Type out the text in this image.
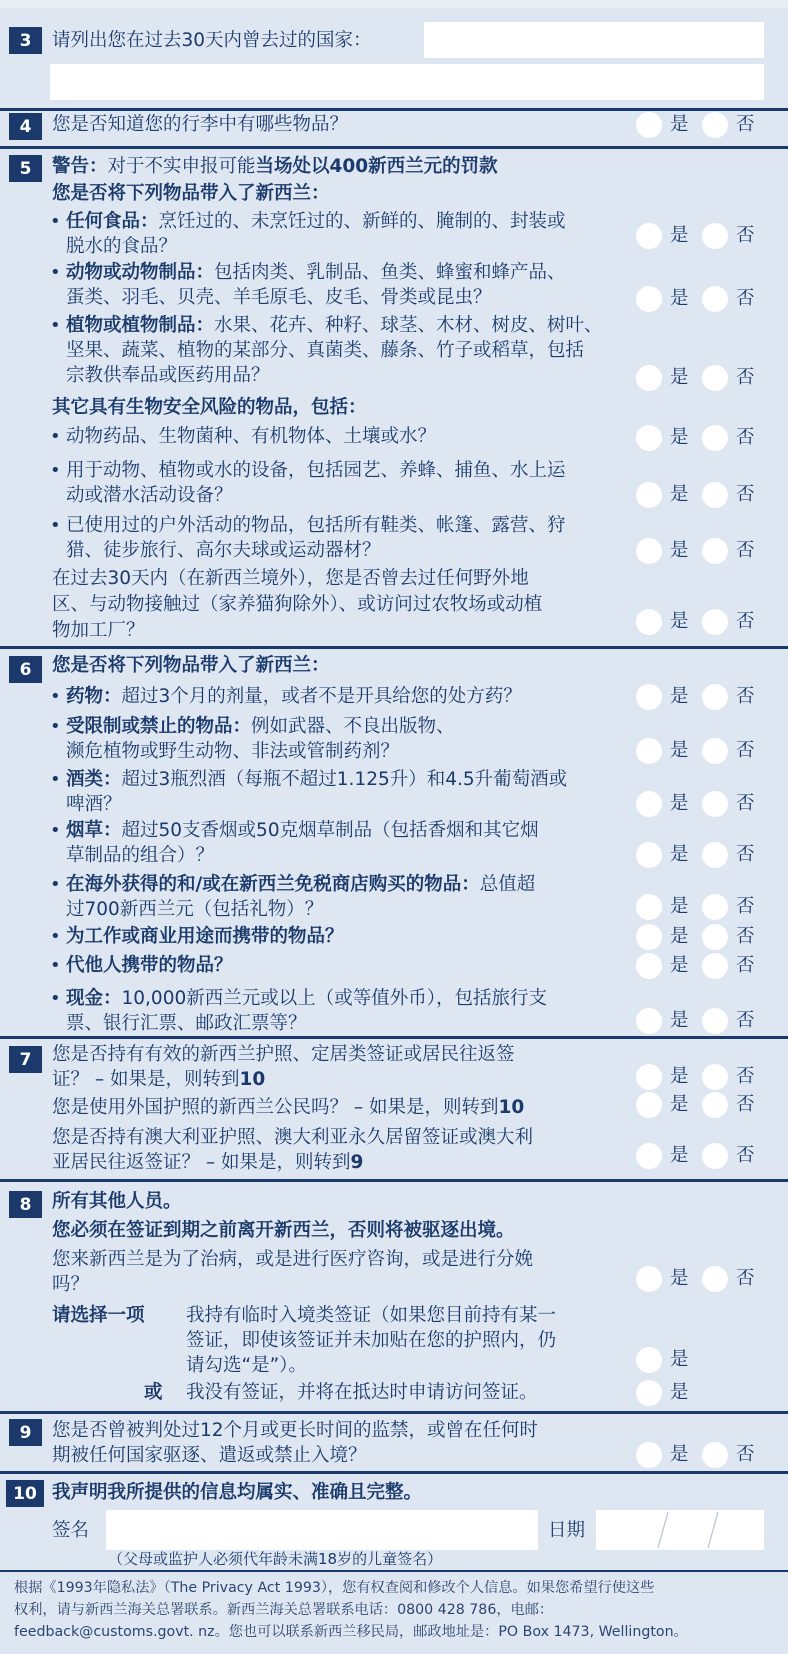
3	请列出您在过去30天内曾去过的国家：
4	您是否知道您的行李中有哪些物品？	是	否
5	警告：对于不实申报可能当场处以400新西兰元的罚款
您是否将下列物品带入了新西兰：
• 任何食品：烹饪过的、未烹饪过的、新鲜的、腌制的、封装或
脱水的食品？
是	否
• 动物或动物制品：包括肉类、乳制品、鱼类、蜂蜜和蜂产品、
蛋类、羽毛、贝壳、羊毛原毛、皮毛、骨类或昆虫？	是	否
• 植物或植物制品：水果、花卉、种籽、球茎、木材、树皮、树叶、
坚果、蔬菜、植物的某部分、真菌类、藤条、竹子或稻草，包括
宗教供奉品或医药用品？	是	否
其它具有生物安全风险的物品，包括：
• 动物药品、生物菌种、有机物体、土壤或水？	是	否
• 用于动物、植物或水的设备，包括园艺、养蜂、捕鱼、水上运
动或潜水活动设备？	是	否
• 已使用过的户外活动的物品，包括所有鞋类、帐篷、露营、狩
猎、徒步旅行、高尔夫球或运动器材？	是	否
在过去30天内（在新西兰境外），您是否曾去过任何野外地
区、与动物接触过（家养猫狗除外）、或访问过农牧场或动植
物加工厂？	是	否
6	您是否将下列物品带入了新西兰：
• 药物：超过3个月的剂量，或者不是开具给您的处方药？	是	否
• 受限制或禁止的物品：例如武器、不良出版物、
濒危植物或野生动物、非法或管制药剂？	是	否
• 酒类：超过3瓶烈酒（每瓶不超过1.125升）和4.5升葡萄酒或
啤酒？	是	否
• 烟草：超过50支香烟或50克烟草制品（包括香烟和其它烟
草制品的组合）？	是	否
• 在海外获得的和/或在新西兰免税商店购买的物品：总值超
过700新西兰元（包括礼物）？	是	否
• 为工作或商业用途而携带的物品？	是	否
• 代他人携带的物品？	是	否
• 现金：10,000新西兰元或以上（或等值外币），包括旅行支
票、银行汇票、邮政汇票等？	是	否
7	您是否持有有效的新西兰护照、定居类签证或居民往返签
证？ – 如果是，则转到10	是	否
您是使用外国护照的新西兰公民吗？ – 如果是，则转到10	是	否
您是否持有澳大利亚护照、澳大利亚永久居留签证或澳大利
亚居民往返签证？ – 如果是，则转到9	是	否
8	所有其他人员。
您必须在签证到期之前离开新西兰，否则将被驱逐出境。
您来新西兰是为了治病，或是进行医疗咨询，或是进行分娩
吗？	是	否
请选择一项 我持有临时入境类签证（如果您目前持有某一
签证，即使该签证并未加贴在您的护照内，仍
请勾选“是”）。	是
或 我没有签证，并将在抵达时申请访问签证。	是
9	您是否曾被判处过12个月或更长时间的监禁，或曾在任何时
期被任何国家驱逐、遣返或禁止入境？	是	否
10 我声明我所提供的信息均属实、准确且完整。
签名	日期
（父母或监护人必须代年龄未满18岁的儿童签名）
根据《1993年隐私法》（The Privacy Act 1993），您有权查阅和修改个人信息。如果您希望行使这些
权利，请与新西兰海关总署联系。新西兰海关总署联系电话：0800 428 786，电邮：
feedback@customs.govt. nz。您也可以联系新西兰移民局，邮政地址是：PO Box 1473, Wellington。
